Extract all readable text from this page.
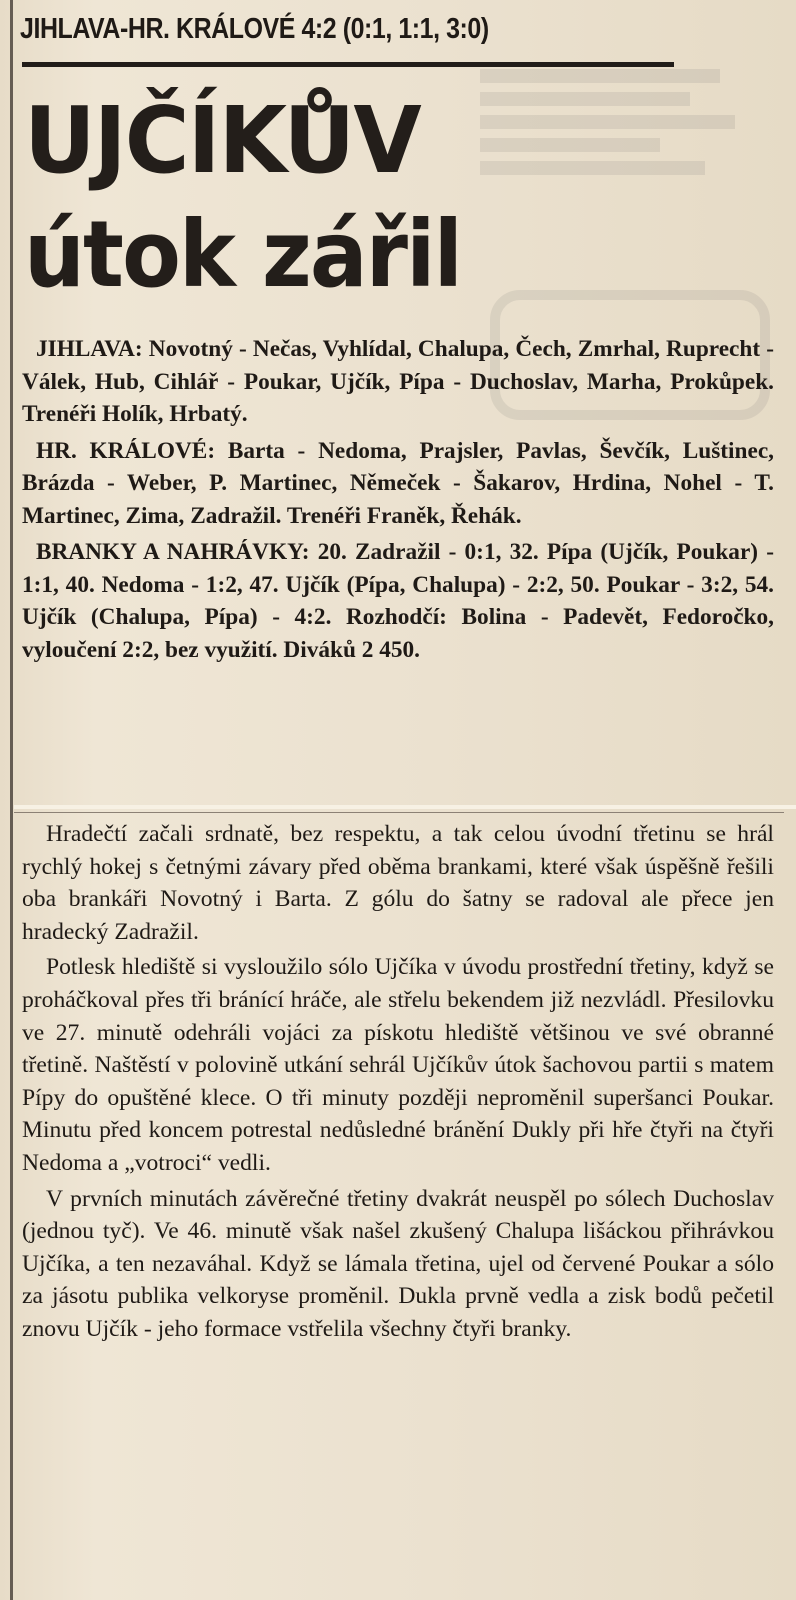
JIHLAVA-HR. KRÁLOVÉ 4:2 (0:1, 1:1, 3:0)
UJČÍKŮV
útok zářil

JIHLAVA: Novotný - Nečas, Vyhlídal, Chalupa, Čech, Zmrhal, Ruprecht - Válek, Hub, Cihlář - Poukar, Ujčík, Pípa - Duchoslav, Marha, Prokůpek. Trenéři Holík, Hrbatý.

HR. KRÁLOVÉ: Barta - Nedoma, Prajsler, Pavlas, Ševčík, Luštinec, Brázda - Weber, P. Martinec, Němeček - Šakarov, Hrdina, Nohel - T. Martinec, Zima, Zadražil. Trenéři Franěk, Řehák.

BRANKY A NAHRÁVKY: 20. Zadražil - 0:1, 32. Pípa (Ujčík, Poukar) - 1:1, 40. Nedoma - 1:2, 47. Ujčík (Pípa, Chalupa) - 2:2, 50. Poukar - 3:2, 54. Ujčík (Chalupa, Pípa) - 4:2. Rozhodčí: Bolina - Padevět, Fedoročko, vyloučení 2:2, bez využití. Diváků 2 450.

Hradečtí začali srdnatě, bez respektu, a tak celou úvodní třetinu se hrál rychlý hokej s četnými závary před oběma brankami, které však úspěšně řešili oba brankáři Novotný i Barta. Z gólu do šatny se radoval ale přece jen hradecký Zadražil.

Potlesk hlediště si vysloužilo sólo Ujčíka v úvodu prostřední třetiny, když se proháčkoval přes tři bránící hráče, ale střelu bekendem již nezvládl. Přesilovku ve 27. minutě odehráli vojáci za pískotu hlediště většinou ve své obranné třetině. Naštěstí v polovině utkání sehrál Ujčíkův útok šachovou partii s matem Pípy do opuštěné klece. O tři minuty později neproměnil superšanci Poukar. Minutu před koncem potrestal nedůsledné bránění Dukly při hře čtyři na čtyři Nedoma a „votroci“ vedli.

V prvních minutách závěrečné třetiny dvakrát neuspěl po sólech Duchoslav (jednou tyč). Ve 46. minutě však našel zkušený Chalupa lišáckou přihrávkou Ujčíka, a ten nezaváhal. Když se lámala třetina, ujel od červené Poukar a sólo za jásotu publika velkoryse proměnil. Dukla prvně vedla a zisk bodů pečetil znovu Ujčík - jeho formace vstřelila všechny čtyři branky.
